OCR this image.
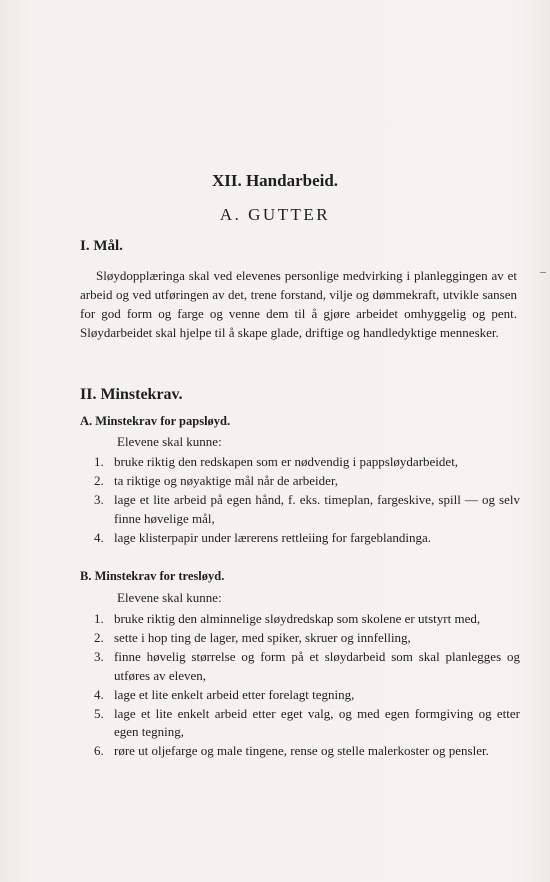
XII. Handarbeid.
A. GUTTER
I. Mål.

Sløydopplæringa skal ved elevenes personlige medvirking i planleggingen av et arbeid og ved utføringen av det, trene forstand, vilje og dømmekraft, utvikle sansen for god form og farge og venne dem til å gjøre arbeidet omhyggelig og pent. Sløydarbeidet skal hjelpe til å skape glade, driftige og handledyktige mennesker.

II. Minstekrav.
A. Minstekrav for papsløyd.

Elevene skal kunne:

1. bruke riktig den redskapen som er nødvendig i pappsløydarbeidet,
2. ta riktige og nøyaktige mål når de arbeider,
3. lage et lite arbeid på egen hånd, f. eks. timeplan, fargeskive, spill — og selv finne høvelige mål,
4. lage klisterpapir under lærerens rettleiing for fargeblandinga.
B. Minstekrav for tresløyd.

Elevene skal kunne:

1. bruke riktig den alminnelige sløydredskap som skolene er utstyrt med,
2. sette i hop ting de lager, med spiker, skruer og innfelling,
3. finne høvelig størrelse og form på et sløydarbeid som skal planlegges og utføres av eleven,
4. lage et lite enkelt arbeid etter forelagt tegning,
5. lage et lite enkelt arbeid etter eget valg, og med egen formgiving og etter egen tegning,
6. røre ut oljefarge og male tingene, rense og stelle malerkoster og pensler.
